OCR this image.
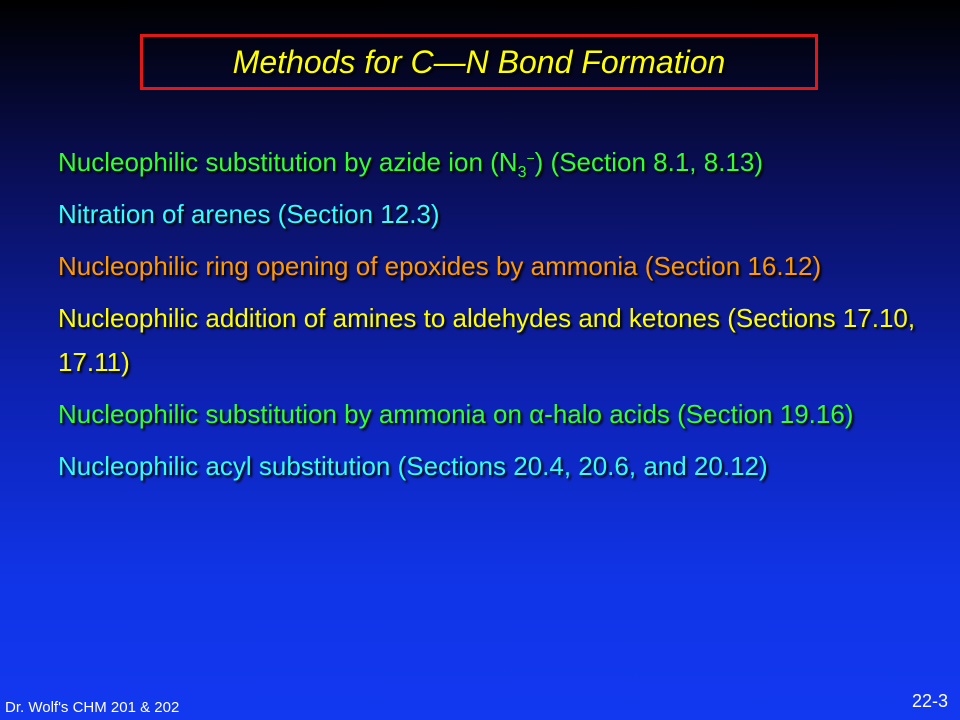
Methods for C—N Bond Formation
Nucleophilic substitution by azide ion $(N_3^-)$ (Section 8.1, 8.13)
Nitration of arenes (Section 12.3)
Nucleophilic ring opening of epoxides by ammonia (Section 16.12)
Nucleophilic addition of amines to aldehydes and ketones (Sections 17.10, 17.11)
Nucleophilic substitution by ammonia on α-halo acids (Section 19.16)
Nucleophilic acyl substitution (Sections 20.4, 20.6, and 20.12)
Dr. Wolf's CHM 201 & 202	22-3
